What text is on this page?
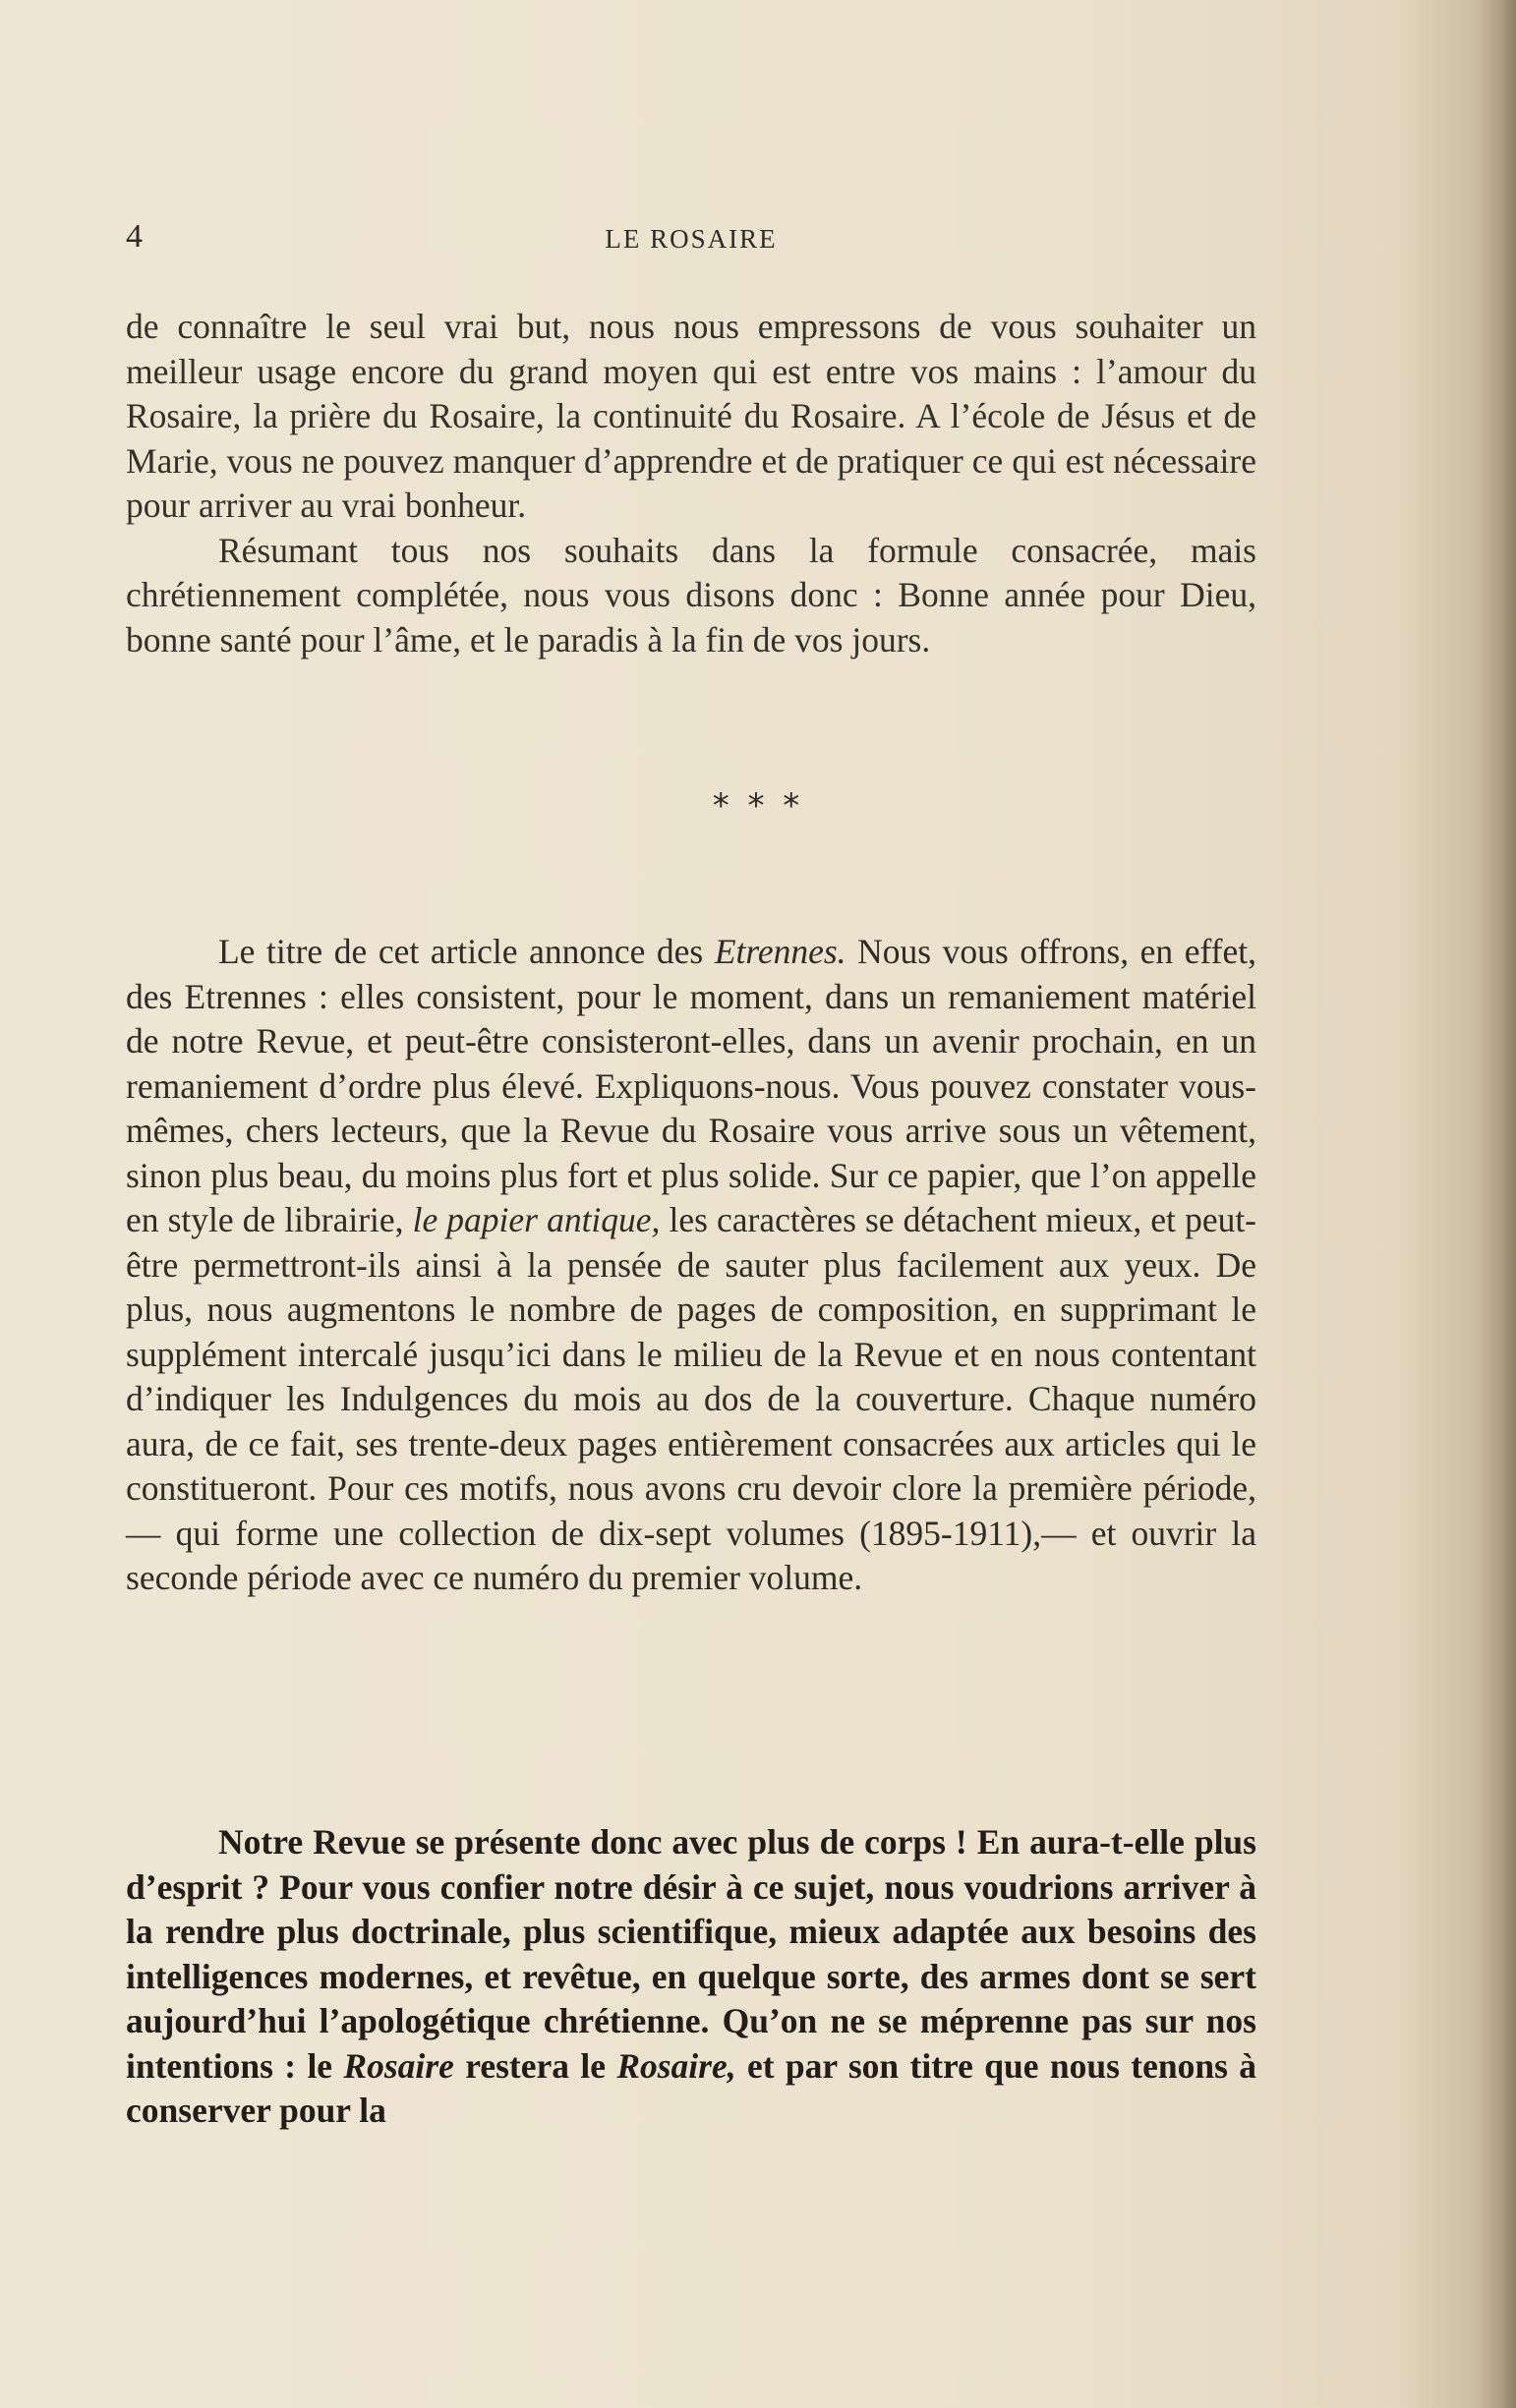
4	LE ROSAIRE

de connaître le seul vrai but, nous nous empressons de vous souhaiter un meilleur usage encore du grand moyen qui est entre vos mains : l’amour du Rosaire, la prière du Rosaire, la continuité du Rosaire. A l’école de Jésus et de Marie, vous ne pouvez manquer d’apprendre et de pratiquer ce qui est nécessaire pour arriver au vrai bonheur.

Résumant tous nos souhaits dans la formule consacrée, mais chrétiennement complétée, nous vous disons donc : Bonne année pour Dieu, bonne santé pour l’âme, et le paradis à la fin de vos jours.

* * *

Le titre de cet article annonce des Etrennes. Nous vous offrons, en effet, des Etrennes : elles consistent, pour le moment, dans un remaniement matériel de notre Revue, et peut-être consisteront-elles, dans un avenir prochain, en un remaniement d’ordre plus élevé. Expliquons-nous. Vous pouvez constater vous-mêmes, chers lecteurs, que la Revue du Rosaire vous arrive sous un vêtement, sinon plus beau, du moins plus fort et plus solide. Sur ce papier, que l’on appelle en style de librairie, le papier antique, les caractères se détachent mieux, et peut-être permettront-ils ainsi à la pensée de sauter plus facilement aux yeux. De plus, nous augmentons le nombre de pages de composition, en supprimant le supplément intercalé jusqu’ici dans le milieu de la Revue et en nous contentant d’indiquer les Indulgences du mois au dos de la couverture. Chaque numéro aura, de ce fait, ses trente-deux pages entièrement consacrées aux articles qui le constitueront. Pour ces motifs, nous avons cru devoir clore la première période,— qui forme une collection de dix-sept volumes (1895-1911),— et ouvrir la seconde période avec ce numéro du premier volume.

Notre Revue se présente donc avec plus de corps ! En aura-t-elle plus d’esprit ? Pour vous confier notre désir à ce sujet, nous voudrions arriver à la rendre plus doctrinale, plus scientifique, mieux adaptée aux besoins des intelligences modernes, et revêtue, en quelque sorte, des armes dont se sert aujourd’hui l’apologétique chrétienne. Qu’on ne se méprenne pas sur nos intentions : le Rosaire restera le Rosaire, et par son titre que nous tenons à conserver pour la
